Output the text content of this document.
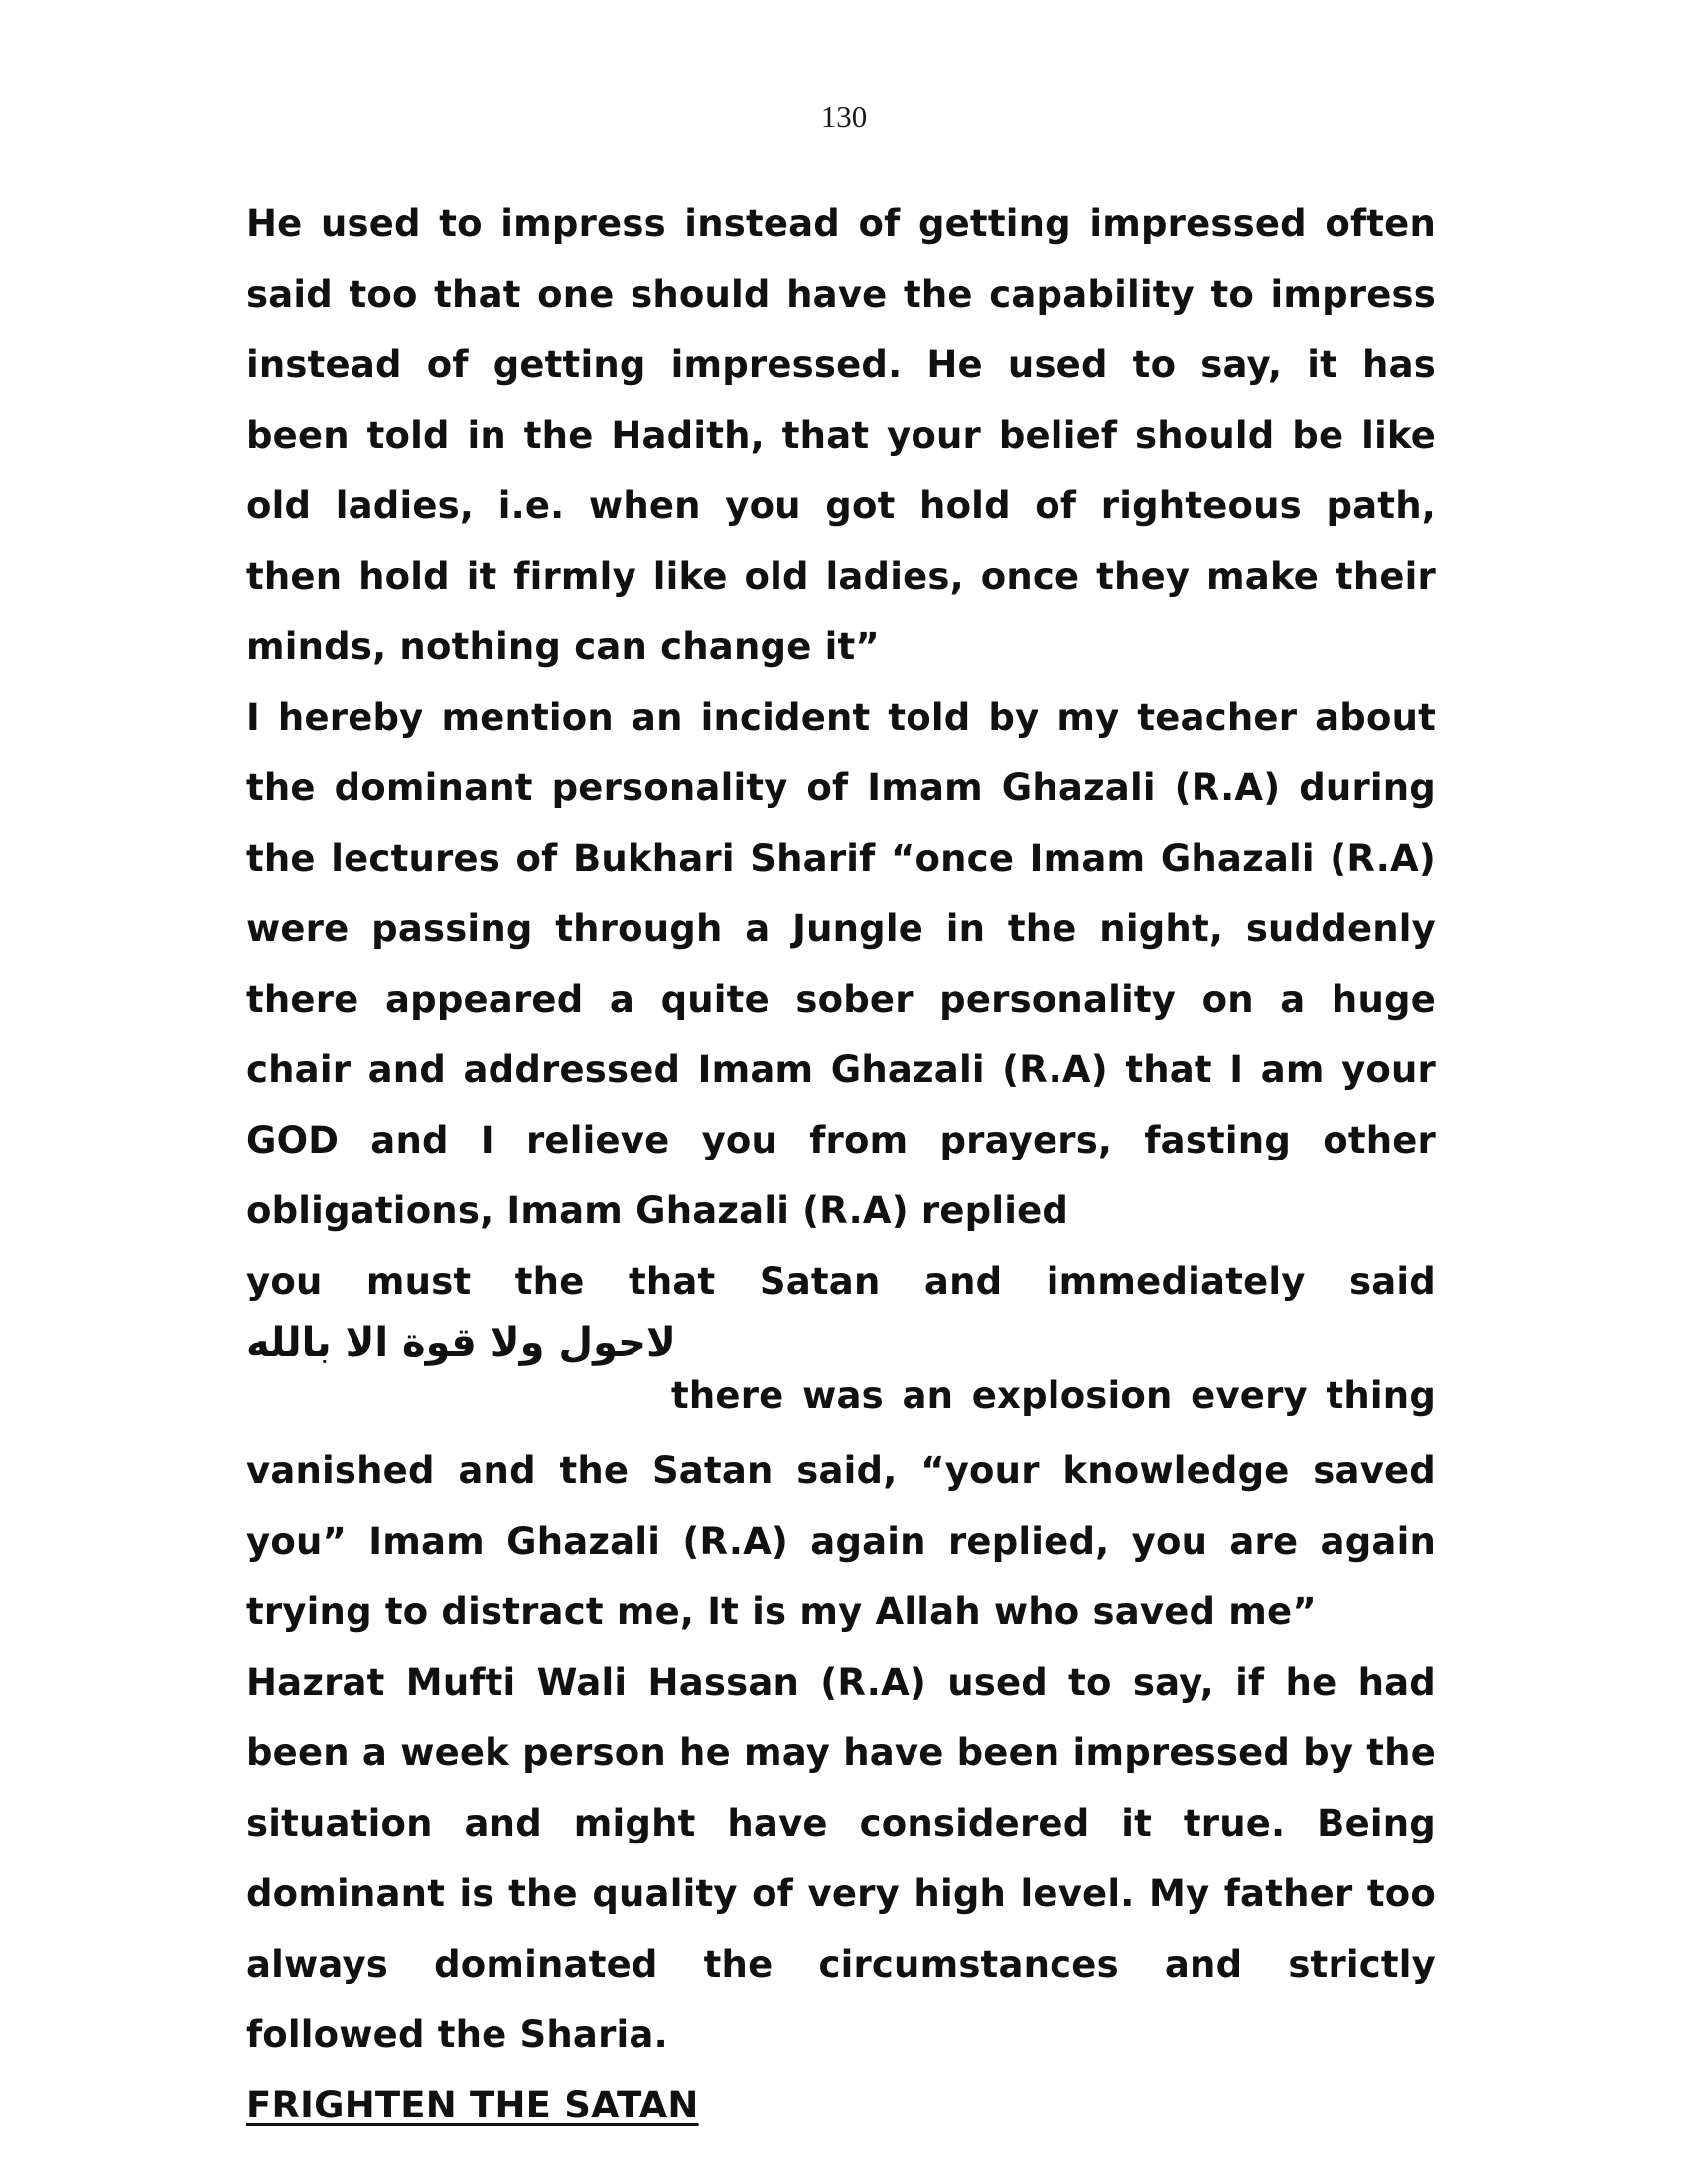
130

He used to impress instead of getting impressed often said too that one should have the capability to impress instead of getting impressed. He used to say, it has been told in the Hadith, that your belief should be like old ladies, i.e. when you got hold of righteous path, then hold it firmly like old ladies, once they make their minds, nothing can change it”

I hereby mention an incident told by my teacher about the dominant personality of Imam Ghazali (R.A) during the lectures of Bukhari Sharif “once Imam Ghazali (R.A) were passing through a Jungle in the night, suddenly there appeared a quite sober personality on a huge chair and addressed Imam Ghazali (R.A) that I am your GOD and I relieve you from prayers, fasting other obligations, Imam Ghazali (R.A) replied

you must the that Satan and immediately said

لاحول ولا قوة الا بالله
there was an explosion every thing

vanished and the Satan said, “your knowledge saved you” Imam Ghazali (R.A) again replied, you are again trying to distract me, It is my Allah who saved me”

Hazrat Mufti Wali Hassan (R.A) used to say, if he had been a week person he may have been impressed by the situation and might have considered it true. Being dominant is the quality of very high level. My father too always dominated the circumstances and strictly followed the Sharia.

FRIGHTEN THE SATAN
